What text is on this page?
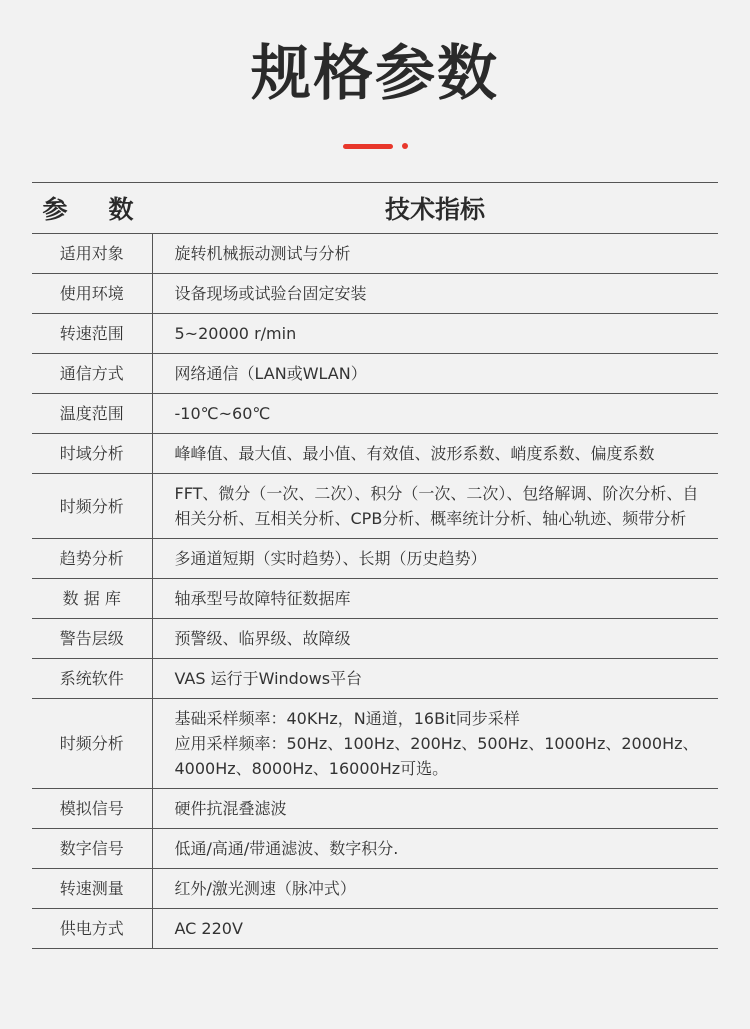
规格参数
参　数	技术指标
适用对象	旋转机械振动测试与分析
使用环境	设备现场或试验台固定安装
转速范围	5~20000 r/min
通信方式	网络通信（LAN或WLAN）
温度范围	-10℃~60℃
时域分析	峰峰值、最大值、最小值、有效值、波形系数、峭度系数、偏度系数
时频分析	FFT、微分（一次、二次）、积分（一次、二次）、包络解调、阶次分析、自相关分析、互相关分析、CPB分析、概率统计分析、轴心轨迹、频带分析
趋势分析	多通道短期（实时趋势）、长期（历史趋势）
数 据 库	轴承型号故障特征数据库
警告层级	预警级、临界级、故障级
系统软件	VAS 运行于Windows平台
时频分析	基础采样频率：40KHz，N通道，16Bit同步采样
应用采样频率：50Hz、100Hz、200Hz、500Hz、1000Hz、2000Hz、4000Hz、8000Hz、16000Hz可选。
模拟信号	硬件抗混叠滤波
数字信号	低通/高通/带通滤波、数字积分.
转速测量	红外/激光测速（脉冲式）
供电方式	AC 220V
